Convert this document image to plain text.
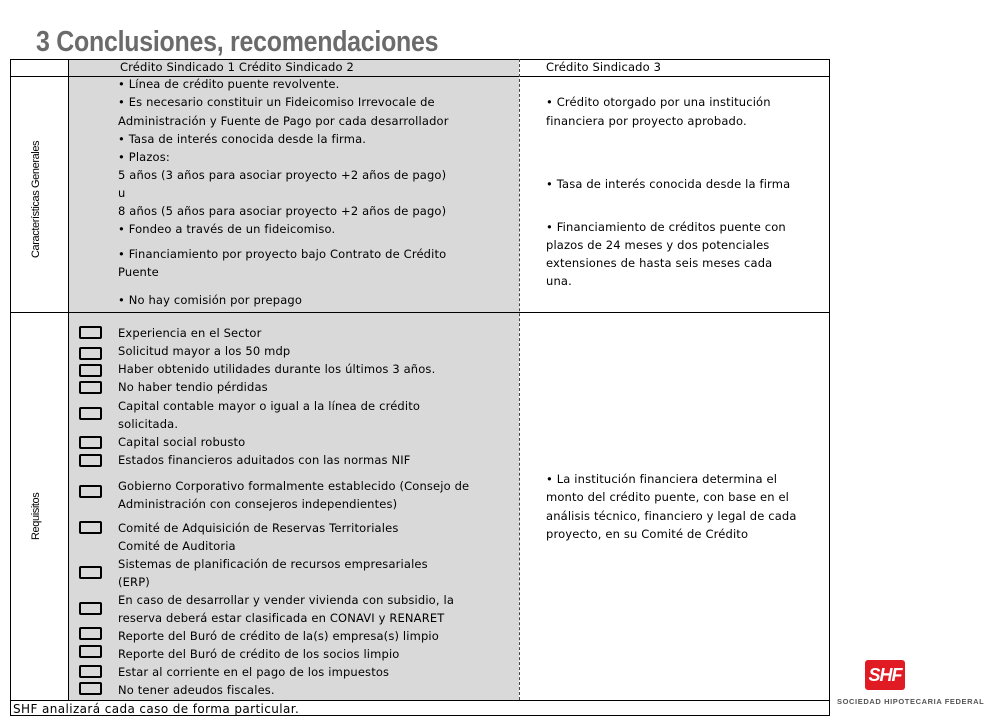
3 Conclusiones, recomendaciones
Crédito Sindicado 1 Crédito Sindicado 2	Crédito Sindicado 3
Características Generales
Requisitos
• Línea de crédito puente revolvente.
• Es necesario constituir un Fideicomiso Irrevocale de
Administración y Fuente de Pago por cada desarrollador
• Tasa de interés conocida desde la firma.
• Plazos:
5 años (3 años para asociar proyecto +2 años de pago)
u
8 años (5 años para asociar proyecto +2 años de pago)
• Fondeo a través de un fideicomiso.
• Financiamiento por proyecto bajo Contrato de Crédito
Puente
• No hay comisión por prepago
• Crédito otorgado por una institución
financiera por proyecto aprobado.
• Tasa de interés conocida desde la firma
• Financiamiento de créditos puente con
plazos de 24 meses y dos potenciales
extensiones de hasta seis meses cada
una.
Experiencia en el Sector
Solicitud mayor a los 50 mdp
Haber obtenido utilidades durante los últimos 3 años.
No haber tendio pérdidas
Capital contable mayor o igual a la línea de crédito
solicitada.
Capital social robusto
Estados financieros aduitados con las normas NIF
Gobierno Corporativo formalmente establecido (Consejo de
Administración con consejeros independientes)
Comité de Adquisición de Reservas Territoriales
Comité de Auditoria
Sistemas de planificación de recursos empresariales
(ERP)
En caso de desarrollar y vender vivienda con subsidio, la
reserva deberá estar clasificada en CONAVI y RENARET
Reporte del Buró de crédito de la(s) empresa(s) limpio
Reporte del Buró de crédito de los socios limpio
Estar al corriente en el pago de los impuestos
No tener adeudos fiscales.
• La institución financiera determina el
monto del crédito puente, con base en el
análisis técnico, financiero y legal de cada
proyecto, en su Comité de Crédito
SHF analizará cada caso de forma particular.
SHF
SOCIEDAD HIPOTECARIA FEDERAL
